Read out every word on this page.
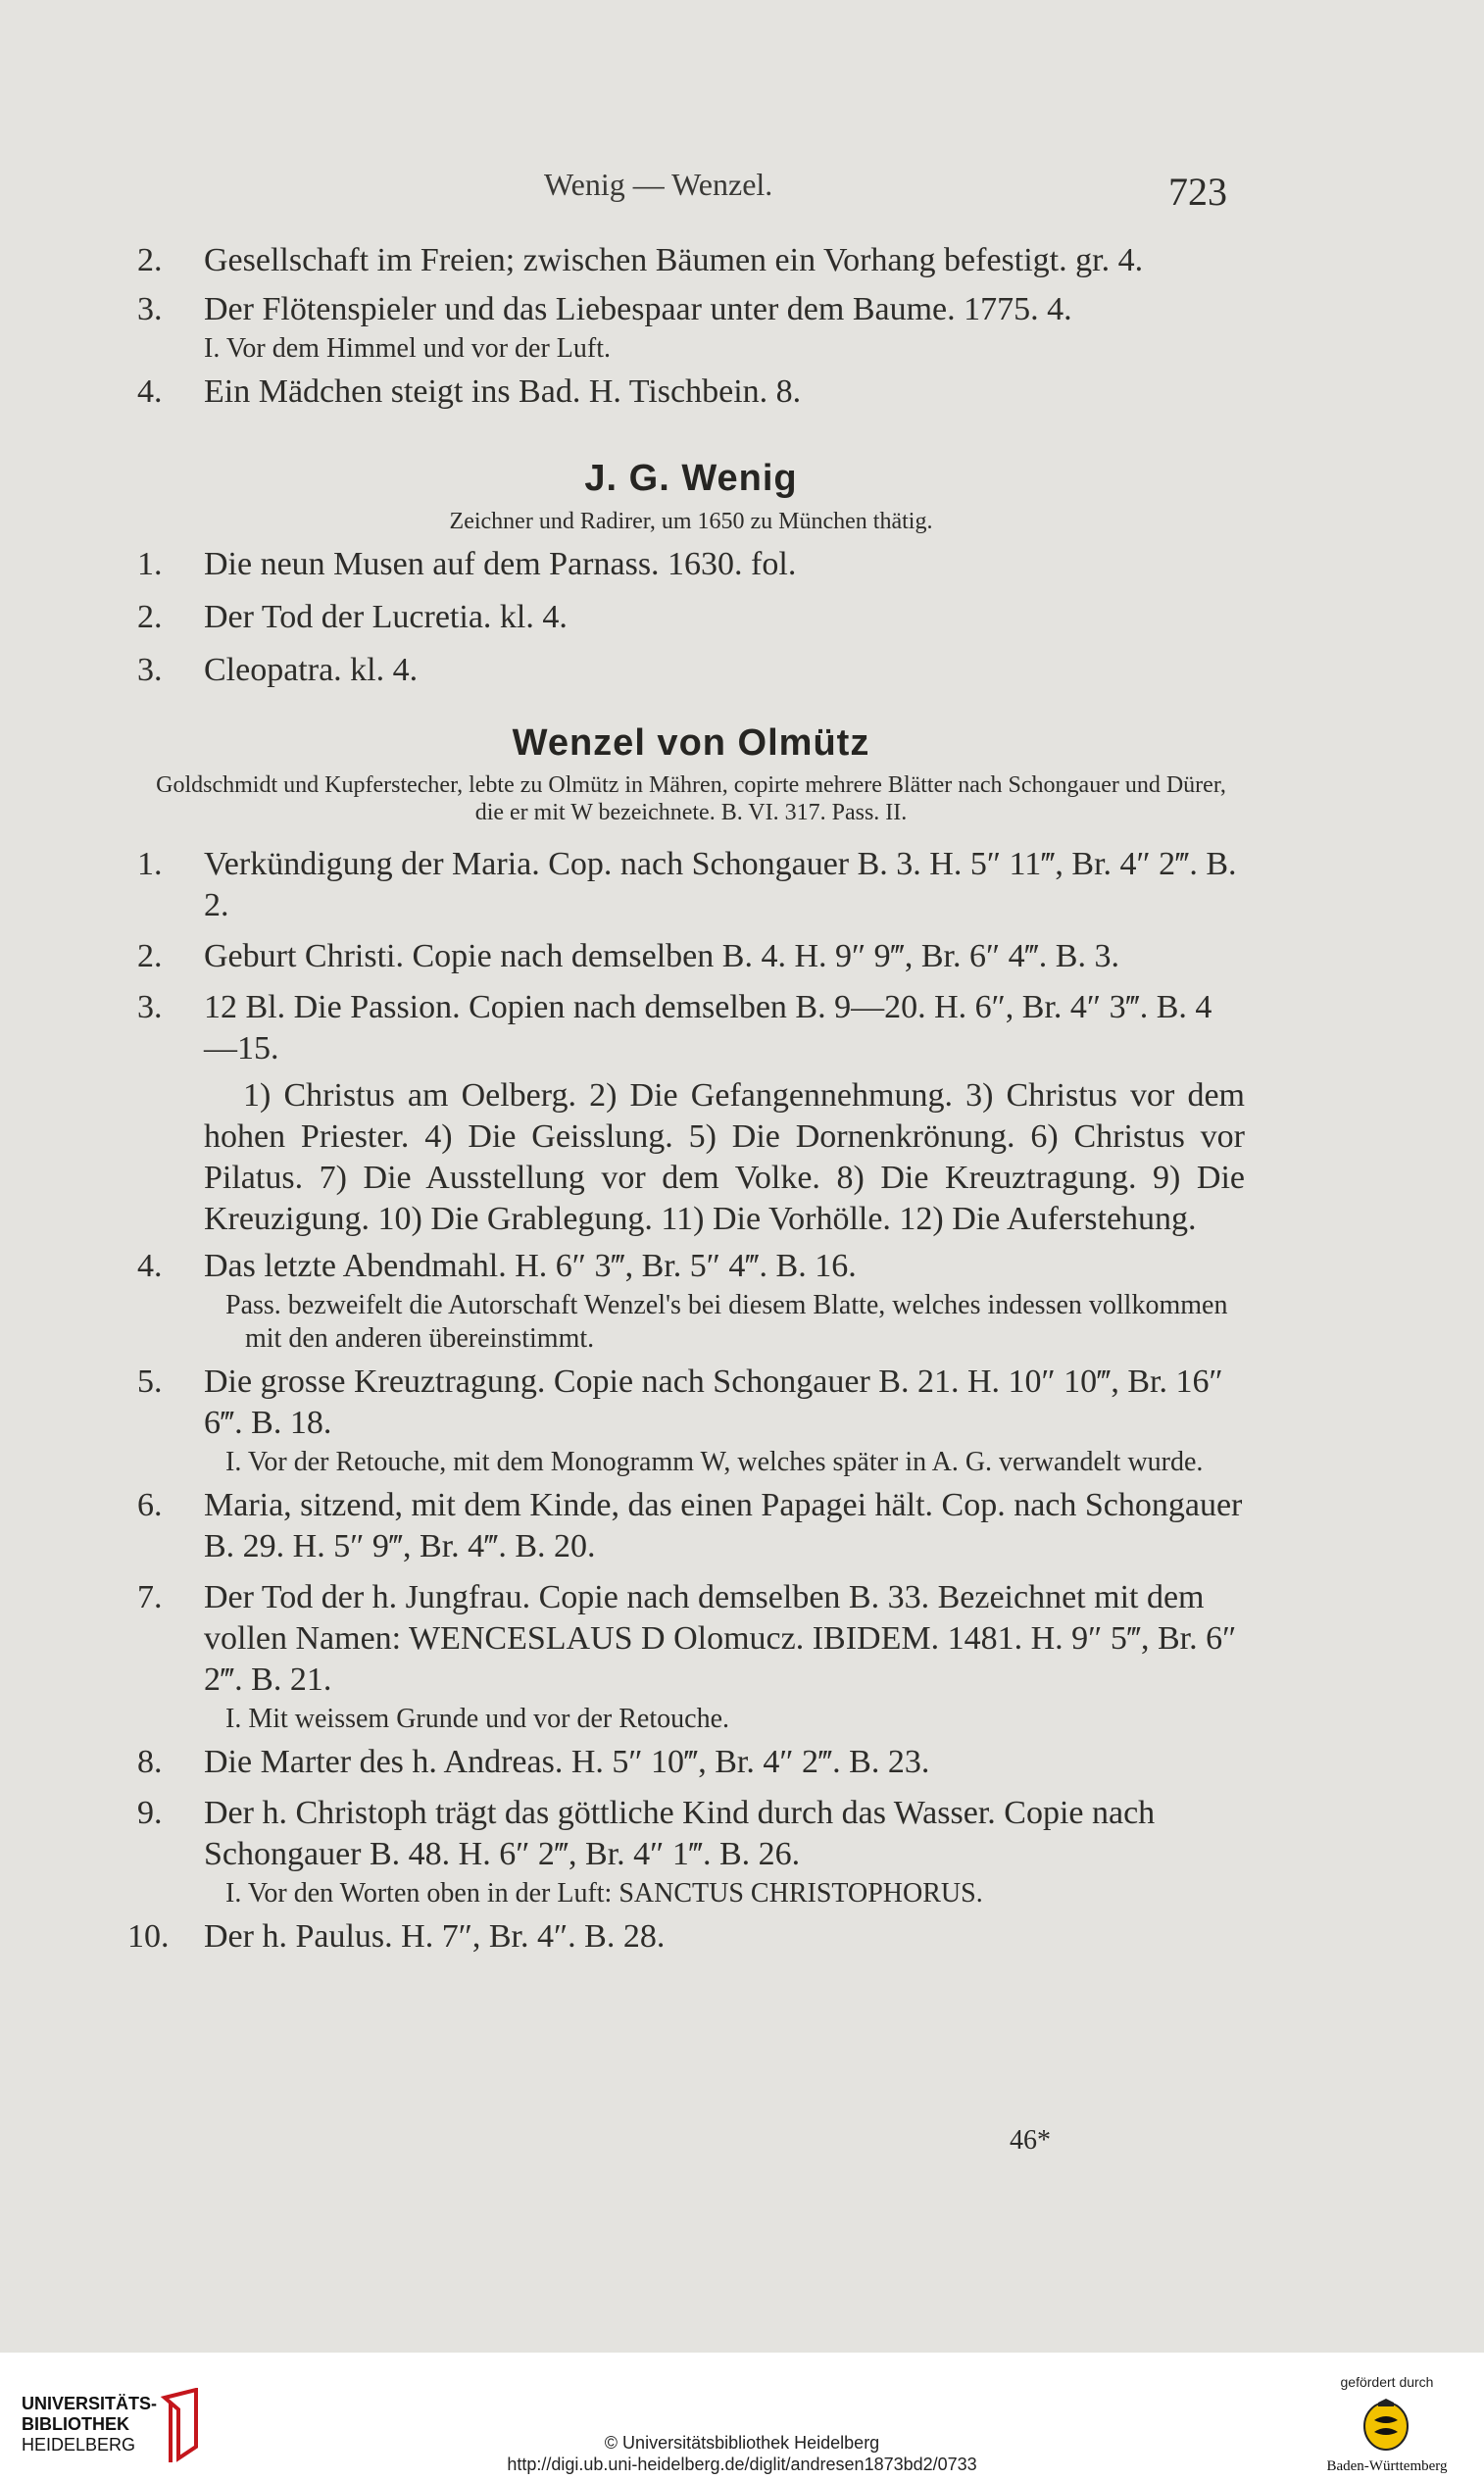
Wenig — Wenzel.	723
2.	Gesellschaft im Freien; zwischen Bäumen ein Vorhang befestigt. gr. 4.
3.	Der Flötenspieler und das Liebespaar unter dem Baume. 1775. 4.
I. Vor dem Himmel und vor der Luft.
4.	Ein Mädchen steigt ins Bad. H. Tischbein. 8.
J. G. Wenig
Zeichner und Radirer, um 1650 zu München thätig.
1.	Die neun Musen auf dem Parnass. 1630. fol.
2.	Der Tod der Lucretia. kl. 4.
3.	Cleopatra. kl. 4.
Wenzel von Olmütz
Goldschmidt und Kupferstecher, lebte zu Olmütz in Mähren, copirte mehrere Blätter nach Schongauer und Dürer, die er mit W bezeichnete. B. VI. 317. Pass. II.
1.	Verkündigung der Maria. Cop. nach Schongauer B. 3. H. 5″ 11‴, Br. 4″ 2‴. B. 2.
2.	Geburt Christi. Copie nach demselben B. 4. H. 9″ 9‴, Br. 6″ 4‴. B. 3.
3.	12 Bl. Die Passion. Copien nach demselben B. 9—20. H. 6″, Br. 4″ 3‴. B. 4—15.
1) Christus am Oelberg. 2) Die Gefangennehmung. 3) Christus vor dem hohen Priester. 4) Die Geisslung. 5) Die Dornenkrönung. 6) Christus vor Pilatus. 7) Die Ausstellung vor dem Volke. 8) Die Kreuztragung. 9) Die Kreuzigung. 10) Die Grablegung. 11) Die Vorhölle. 12) Die Auferstehung.
4.	Das letzte Abendmahl. H. 6″ 3‴, Br. 5″ 4‴. B. 16.
Pass. bezweifelt die Autorschaft Wenzel's bei diesem Blatte, welches indessen vollkommen mit den anderen übereinstimmt.
5.	Die grosse Kreuztragung. Copie nach Schongauer B. 21. H. 10″ 10‴, Br. 16″ 6‴. B. 18.
I. Vor der Retouche, mit dem Monogramm W, welches später in A. G. verwandelt wurde.
6.	Maria, sitzend, mit dem Kinde, das einen Papagei hält. Cop. nach Schongauer B. 29. H. 5″ 9‴, Br. 4‴. B. 20.
7.	Der Tod der h. Jungfrau. Copie nach demselben B. 33. Bezeichnet mit dem vollen Namen: WENCESLAUS D Olomucz. IBIDEM. 1481. H. 9″ 5‴, Br. 6″ 2‴. B. 21.
I. Mit weissem Grunde und vor der Retouche.
8.	Die Marter des h. Andreas. H. 5″ 10‴, Br. 4″ 2‴. B. 23.
9.	Der h. Christoph trägt das göttliche Kind durch das Wasser. Copie nach Schongauer B. 48. H. 6″ 2‴, Br. 4″ 1‴. B. 26.
I. Vor den Worten oben in der Luft: SANCTUS CHRISTOPHORUS.
10.	Der h. Paulus. H. 7″, Br. 4″. B. 28.
46*
UNIVERSITÄTS-
BIBLIOTHEK
HEIDELBERG	© Universitätsbibliothek Heidelberg
http://digi.ub.uni-heidelberg.de/diglit/andresen1873bd2/0733
gefördert durch
Baden-Württemberg
